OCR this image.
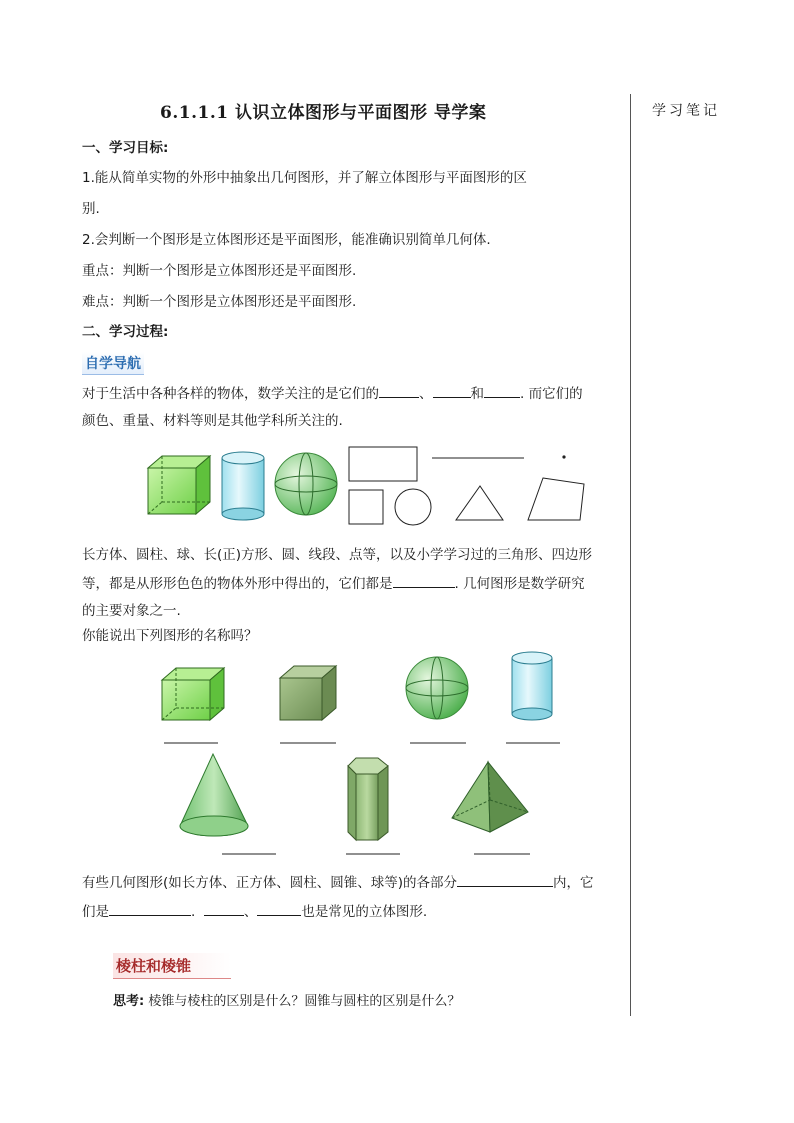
6.1.1.1 认识立体图形与平面图形 导学案	学习笔记
一、学习目标:
1.能从简单实物的外形中抽象出几何图形，并了解立体图形与平面图形的区
别.
2.会判断一个图形是立体图形还是平面图形，能准确识别简单几何体.
重点：判断一个图形是立体图形还是平面图形.
难点：判断一个图形是立体图形还是平面图形.
二、学习过程:
自学导航
对于生活中各种各样的物体，数学关注的是它们的	、	和	. 而它们的
颜色、重量、材料等则是其他学科所关注的.
长方体、圆柱、球、长(正)方形、圆、线段、点等，以及小学学习过的三角形、四边形
等，都是从形形色色的物体外形中得出的，它们都是	. 几何图形是数学研究
的主要对象之一.
你能说出下列图形的名称吗？
有些几何图形(如长方体、正方体、圆柱、圆锥、球等)的各部分	内，它
们是	.	、	也是常见的立体图形.
棱柱和棱锥
思考: 棱锥与棱柱的区别是什么？圆锥与圆柱的区别是什么？
